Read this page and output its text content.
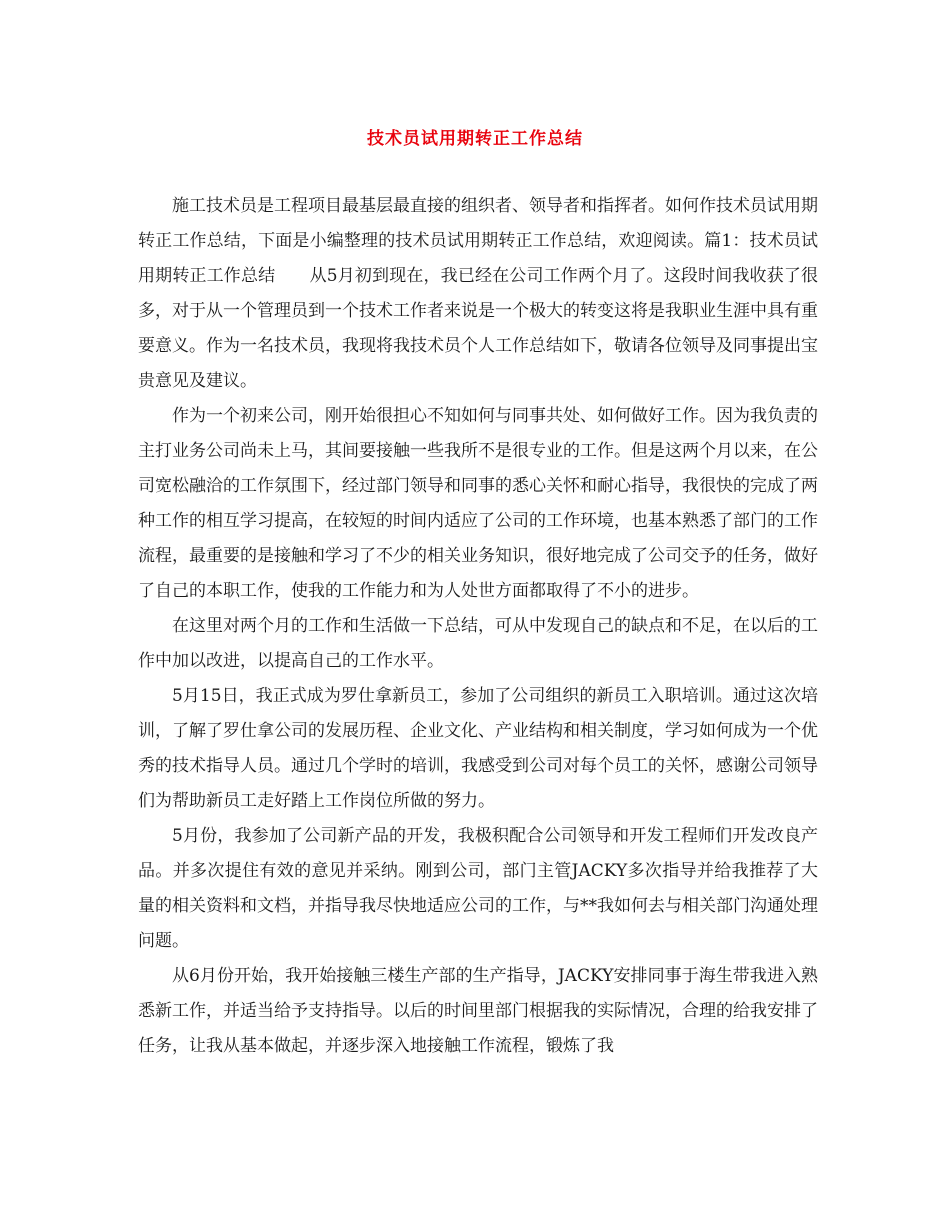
技术员试用期转正工作总结

施工技术员是工程项目最基层最直接的组织者、领导者和指挥者。如何作技术员试用期转正工作总结，下面是小编整理的技术员试用期转正工作总结，欢迎阅读。篇1：技术员试用期转正工作总结　　从5月初到现在，我已经在公司工作两个月了。这段时间我收获了很多，对于从一个管理员到一个技术工作者来说是一个极大的转变这将是我职业生涯中具有重要意义。作为一名技术员，我现将我技术员个人工作总结如下，敬请各位领导及同事提出宝贵意见及建议。

作为一个初来公司，刚开始很担心不知如何与同事共处、如何做好工作。因为我负责的主打业务公司尚未上马，其间要接触一些我所不是很专业的工作。但是这两个月以来，在公司宽松融洽的工作氛围下，经过部门领导和同事的悉心关怀和耐心指导，我很快的完成了两种工作的相互学习提高，在较短的时间内适应了公司的工作环境，也基本熟悉了部门的工作流程，最重要的是接触和学习了不少的相关业务知识，很好地完成了公司交予的任务，做好了自己的本职工作，使我的工作能力和为人处世方面都取得了不小的进步。

在这里对两个月的工作和生活做一下总结，可从中发现自己的缺点和不足，在以后的工作中加以改进，以提高自己的工作水平。

5月15日，我正式成为罗仕拿新员工，参加了公司组织的新员工入职培训。通过这次培训，了解了罗仕拿公司的发展历程、企业文化、产业结构和相关制度，学习如何成为一个优秀的技术指导人员。通过几个学时的培训，我感受到公司对每个员工的关怀，感谢公司领导们为帮助新员工走好踏上工作岗位所做的努力。

5月份，我参加了公司新产品的开发，我极积配合公司领导和开发工程师们开发改良产品。并多次提住有效的意见并采纳。刚到公司，部门主管JACKY多次指导并给我推荐了大量的相关资料和文档，并指导我尽快地适应公司的工作，与**我如何去与相关部门沟通处理问题。

从6月份开始，我开始接触三楼生产部的生产指导，JACKY安排同事于海生带我进入熟悉新工作，并适当给予支持指导。以后的时间里部门根据我的实际情况，合理的给我安排了任务，让我从基本做起，并逐步深入地接触工作流程，锻炼了我
